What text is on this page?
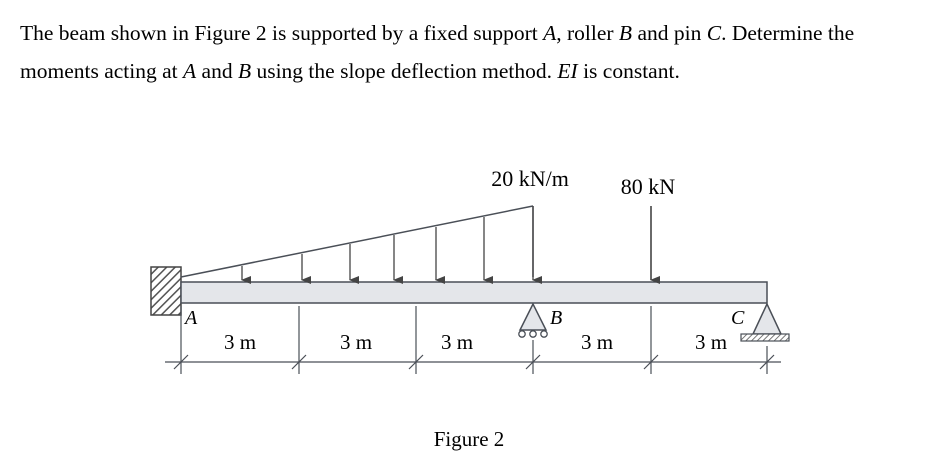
The beam shown in Figure 2 is supported by a fixed support A, roller B and pin C. Determine the moments acting at A and B using the slope deflection method. EI is constant.

20 kN/m 80 kN
A	B	C
3 m	3 m	3 m	3 m	3 m
Figure 2
